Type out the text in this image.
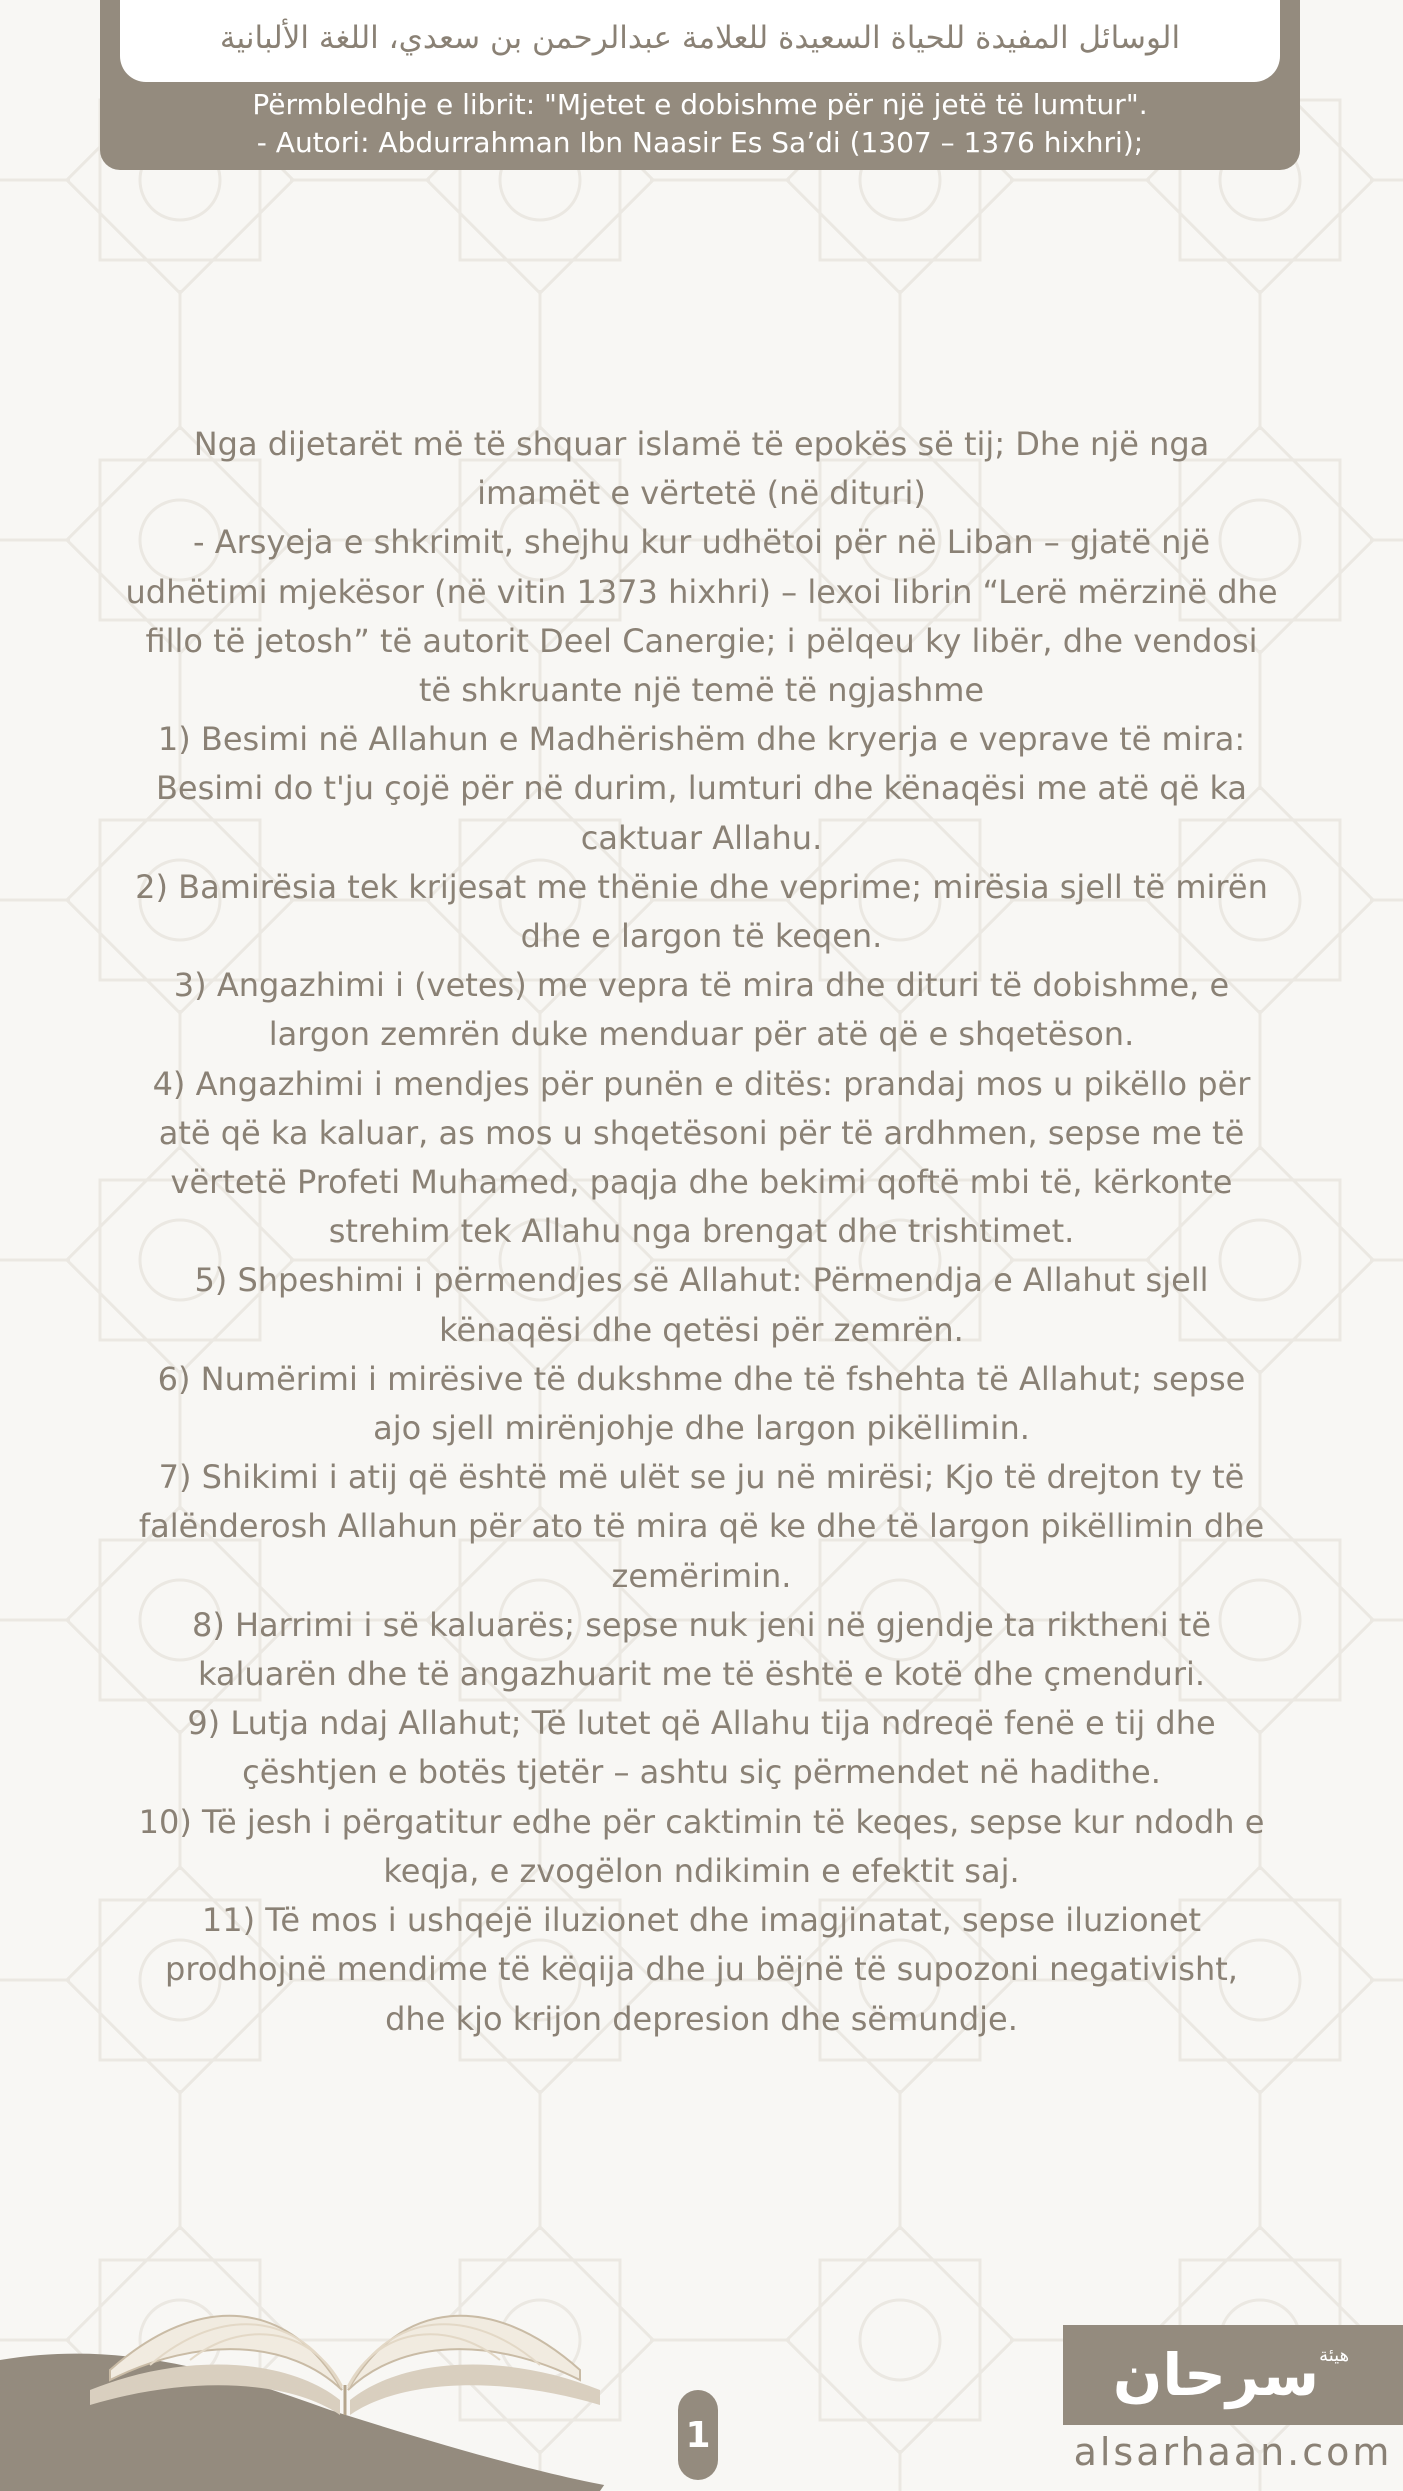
الوسائل المفيدة للحياة السعيدة للعلامة عبدالرحمن بن سعدي، اللغة الألبانية
Përmbledhje e librit: "Mjetet e dobishme për një jetë të lumtur".
- Autori: Abdurrahman Ibn Naasir Es Sa’di (1307 – 1376 hixhri);

Nga dijetarët më të shquar islamë të epokës së tij; Dhe një nga

imamët e vërtetë (në dituri)

- Arsyeja e shkrimit, shejhu kur udhëtoi për në Liban – gjatë një

udhëtimi mjekësor (në vitin 1373 hixhri) – lexoi librin “Lerë mërzinë dhe

fillo të jetosh” të autorit Deel Canergie; i pëlqeu ky libër, dhe vendosi

të shkruante një temë të ngjashme

1) Besimi në Allahun e Madhërishëm dhe kryerja e veprave të mira:

Besimi do t'ju çojë për në durim, lumturi dhe kënaqësi me atë që ka

caktuar Allahu.

2) Bamirësia tek krijesat me thënie dhe veprime; mirësia sjell të mirën

dhe e largon të keqen.

3) Angazhimi i (vetes) me vepra të mira dhe dituri të dobishme, e

largon zemrën duke menduar për atë që e shqetëson.

4) Angazhimi i mendjes për punën e ditës: prandaj mos u pikëllo për

atë që ka kaluar, as mos u shqetësoni për të ardhmen, sepse me të

vërtetë Profeti Muhamed, paqja dhe bekimi qoftë mbi të, kërkonte

strehim tek Allahu nga brengat dhe trishtimet.

5) Shpeshimi i përmendjes së Allahut: Përmendja e Allahut sjell

kënaqësi dhe qetësi për zemrën.

6) Numërimi i mirësive të dukshme dhe të fshehta të Allahut; sepse

ajo sjell mirënjohje dhe largon pikëllimin.

7) Shikimi i atij që është më ulët se ju në mirësi; Kjo të drejton ty të

falënderosh Allahun për ato të mira që ke dhe të largon pikëllimin dhe

zemërimin.

8) Harrimi i së kaluarës; sepse nuk jeni në gjendje ta riktheni të

kaluarën dhe të angazhuarit me të është e kotë dhe çmenduri.

9) Lutja ndaj Allahut; Të lutet që Allahu tija ndreqë fenë e tij dhe

çështjen e botës tjetër – ashtu siç përmendet në hadithe.

10) Të jesh i përgatitur edhe për caktimin të keqes, sepse kur ndodh e

keqja, e zvogëlon ndikimin e efektit saj.

11) Të mos i ushqejë iluzionet dhe imagjinatat, sepse iluzionet

prodhojnë mendime të këqija dhe ju bëjnë të supozoni negativisht,

dhe kjo krijon depresion dhe sëmundje.

1
سرحان هيئة
alsarhaan.com
